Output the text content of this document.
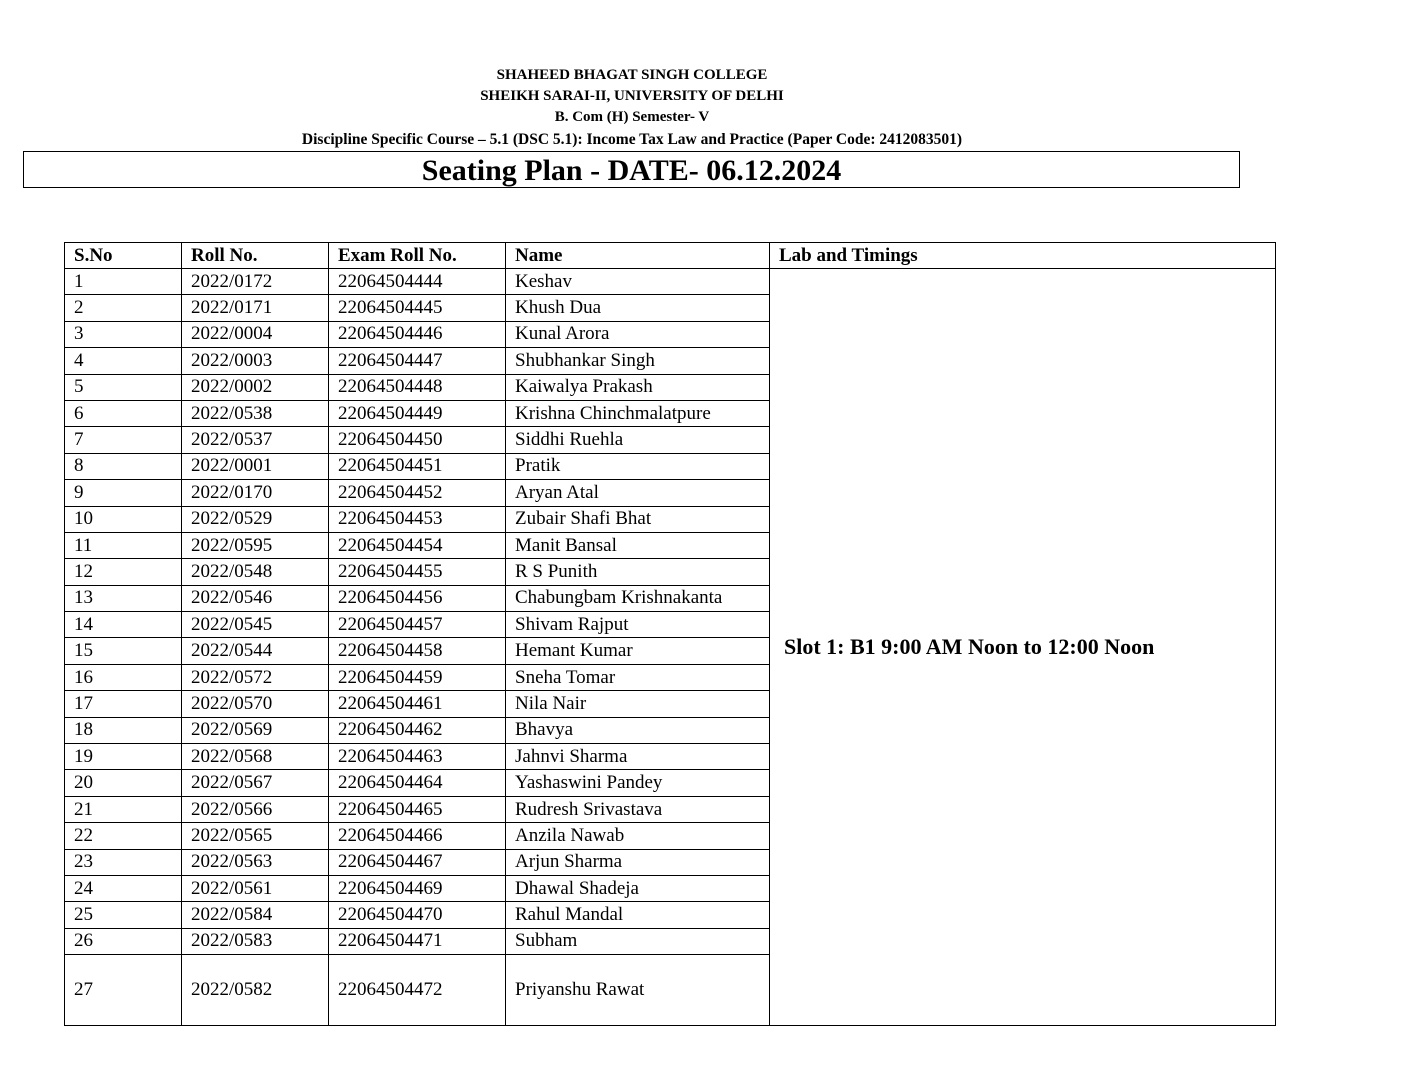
SHAHEED BHAGAT SINGH COLLEGE
SHEIKH SARAI-II, UNIVERSITY OF DELHI
B. Com (H) Semester- V
Discipline Specific Course – 5.1 (DSC 5.1): Income Tax Law and Practice (Paper Code: 2412083501)
Seating Plan - DATE- 06.12.2024
S.No	Roll No.	Exam Roll No.	Name	Lab and Timings
1	2022/0172	22064504444	Keshav	Slot 1: B1 9:00 AM Noon to 12:00 Noon
2	2022/0171	22064504445	Khush Dua	
3	2022/0004	22064504446	Kunal Arora	
4	2022/0003	22064504447	Shubhankar Singh	
5	2022/0002	22064504448	Kaiwalya Prakash	
6	2022/0538	22064504449	Krishna Chinchmalatpure	
7	2022/0537	22064504450	Siddhi Ruehla	
8	2022/0001	22064504451	Pratik	
9	2022/0170	22064504452	Aryan Atal	
10	2022/0529	22064504453	Zubair Shafi Bhat	
11	2022/0595	22064504454	Manit Bansal	
12	2022/0548	22064504455	R S Punith	
13	2022/0546	22064504456	Chabungbam Krishnakanta	
14	2022/0545	22064504457	Shivam Rajput	
15	2022/0544	22064504458	Hemant Kumar	
16	2022/0572	22064504459	Sneha Tomar	
17	2022/0570	22064504461	Nila Nair	
18	2022/0569	22064504462	Bhavya	
19	2022/0568	22064504463	Jahnvi Sharma	
20	2022/0567	22064504464	Yashaswini Pandey	
21	2022/0566	22064504465	Rudresh Srivastava	
22	2022/0565	22064504466	Anzila Nawab	
23	2022/0563	22064504467	Arjun Sharma	
24	2022/0561	22064504469	Dhawal Shadeja	
25	2022/0584	22064504470	Rahul Mandal	
26	2022/0583	22064504471	Subham	
27	2022/0582	22064504472	Priyanshu Rawat	
